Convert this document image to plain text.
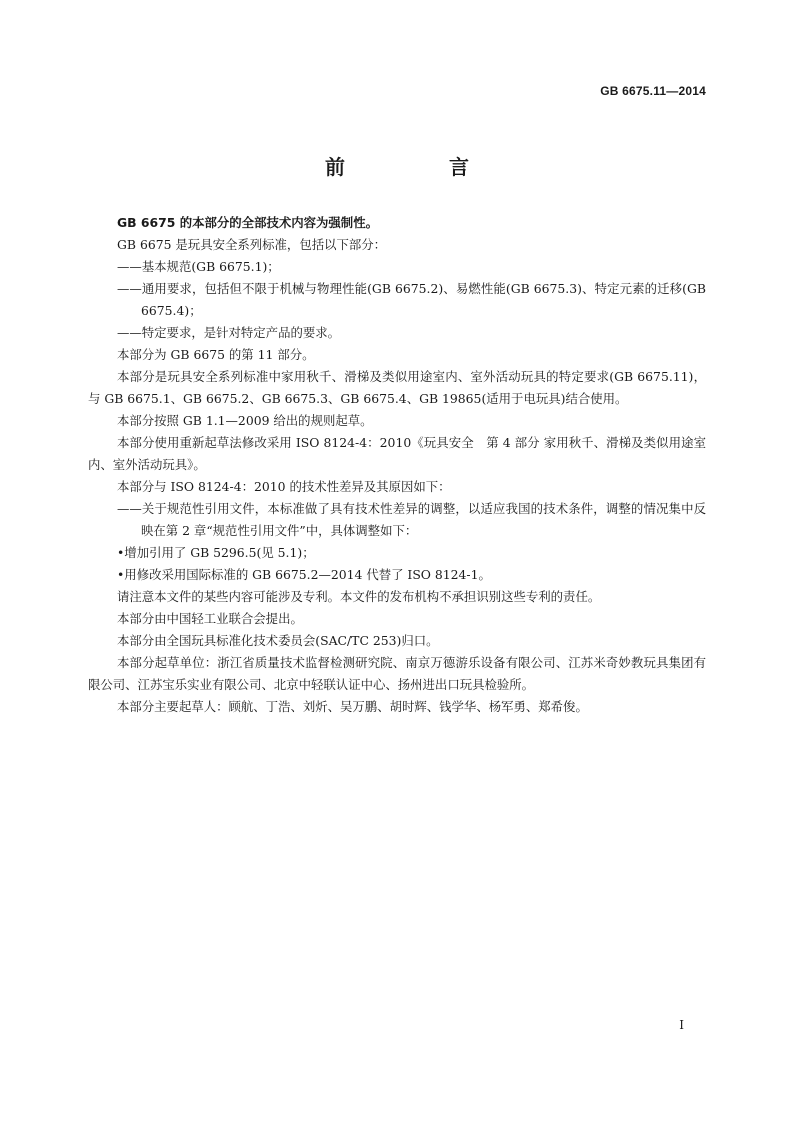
GB 6675.11—2014
前　言

GB 6675 的本部分的全部技术内容为强制性。

GB 6675 是玩具安全系列标准，包括以下部分：

——基本规范(GB 6675.1)；

——通用要求，包括但不限于机械与物理性能(GB 6675.2)、易燃性能(GB 6675.3)、特定元素的迁移(GB 6675.4)；

——特定要求，是针对特定产品的要求。

本部分为 GB 6675 的第 11 部分。

本部分是玩具安全系列标准中家用秋千、滑梯及类似用途室内、室外活动玩具的特定要求(GB 6675.11)，与 GB 6675.1、GB 6675.2、GB 6675.3、GB 6675.4、GB 19865(适用于电玩具)结合使用。

本部分按照 GB 1.1—2009 给出的规则起草。

本部分使用重新起草法修改采用 ISO 8124-4：2010《玩具安全　第 4 部分 家用秋千、滑梯及类似用途室内、室外活动玩具》。

本部分与 ISO 8124-4：2010 的技术性差异及其原因如下：

——关于规范性引用文件，本标准做了具有技术性差异的调整，以适应我国的技术条件，调整的情况集中反映在第 2 章“规范性引用文件”中，具体调整如下：

•增加引用了 GB 5296.5(见 5.1)；

•用修改采用国际标准的 GB 6675.2—2014 代替了 ISO 8124-1。

请注意本文件的某些内容可能涉及专利。本文件的发布机构不承担识别这些专利的责任。

本部分由中国轻工业联合会提出。

本部分由全国玩具标准化技术委员会(SAC/TC 253)归口。

本部分起草单位：浙江省质量技术监督检测研究院、南京万德游乐设备有限公司、江苏米奇妙教玩具集团有限公司、江苏宝乐实业有限公司、北京中轻联认证中心、扬州进出口玩具检验所。

本部分主要起草人：顾航、丁浩、刘炘、吴万鹏、胡时辉、钱学华、杨军勇、郑希俊。

I
